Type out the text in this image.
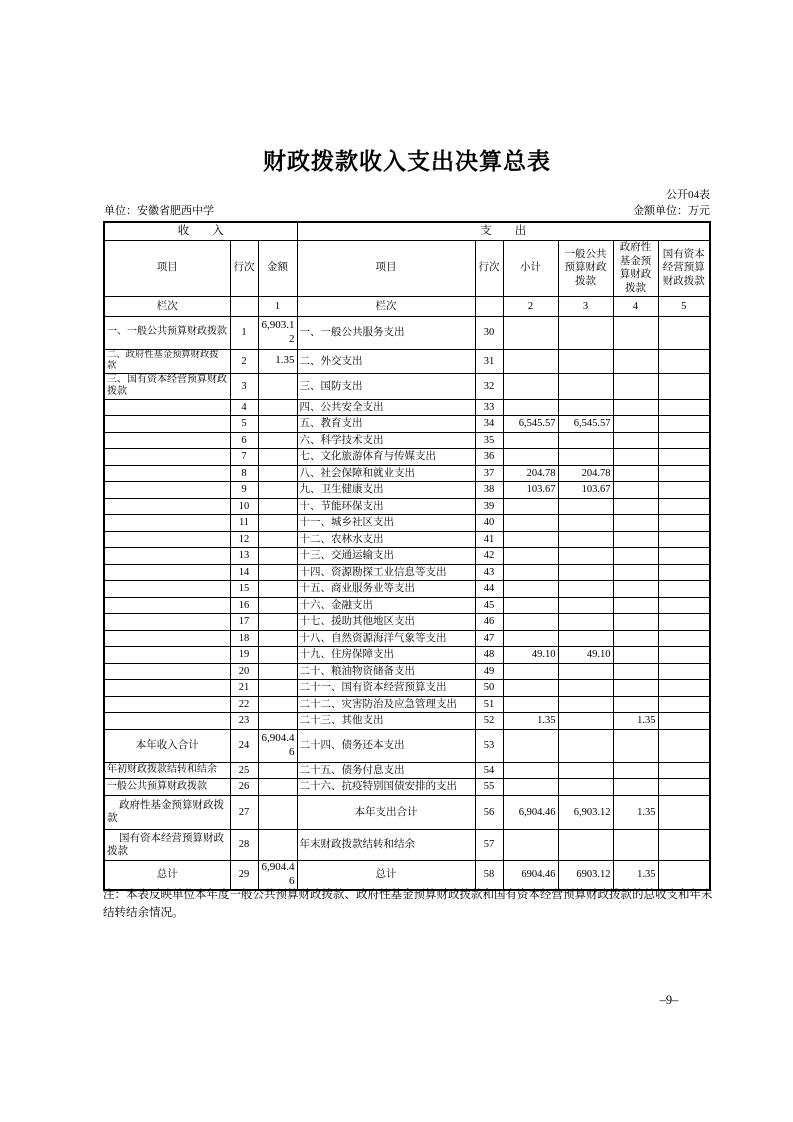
财政拨款收入支出决算总表
公开04表
单位：安徽省肥西中学	金额单位：万元
收　　入			支　　出					
项目	行次	金额	项目	行次	小计	一般公共预算财政拨款	政府性基金预算财政拨款	国有资本经营预算财政拨款
栏次		1	栏次		2	3	4	5
一、一般公共预算财政拨款	1	6,903.12	一、一般公共服务支出	30				
二、政府性基金预算财政拨款	2	1.35	二、外交支出	31				
三、国有资本经营预算财政拨款	3		三、国防支出	32				
	4		四、公共安全支出	33				
	5		五、教育支出	34	6,545.57	6,545.57		
	6		六、科学技术支出	35				
	7		七、文化旅游体育与传媒支出	36				
	8		八、社会保障和就业支出	37	204.78	204.78		
	9		九、卫生健康支出	38	103.67	103.67		
	10		十、节能环保支出	39				
	11		十一、城乡社区支出	40				
	12		十二、农林水支出	41				
	13		十三、交通运输支出	42				
	14		十四、资源勘探工业信息等支出	43				
	15		十五、商业服务业等支出	44				
	16		十六、金融支出	45				
	17		十七、援助其他地区支出	46				
	18		十八、自然资源海洋气象等支出	47				
	19		十九、住房保障支出	48	49.10	49.10		
	20		二十、粮油物资储备支出	49				
	21		二十一、国有资本经营预算支出	50				
	22		二十二、灾害防治及应急管理支出	51				
	23		二十三、其他支出	52	1.35		1.35	
本年收入合计	24	6,904.46	二十四、债务还本支出	53				
年初财政拨款结转和结余	25		二十五、债务付息支出	54				
一般公共预算财政拨款	26		二十六、抗疫特别国债安排的支出	55				
政府性基金预算财政拨款	27		本年支出合计	56	6,904.46	6,903.12	1.35	
国有资本经营预算财政拨款	28		年末财政拨款结转和结余	57				
总计	29	6,904.46	总计	58	6904.46	6903.12	1.35	
注：本表反映单位本年度一般公共预算财政拨款、政府性基金预算财政拨款和国有资本经营预算财政拨款的总收支和年末结转结余情况。
–9–
